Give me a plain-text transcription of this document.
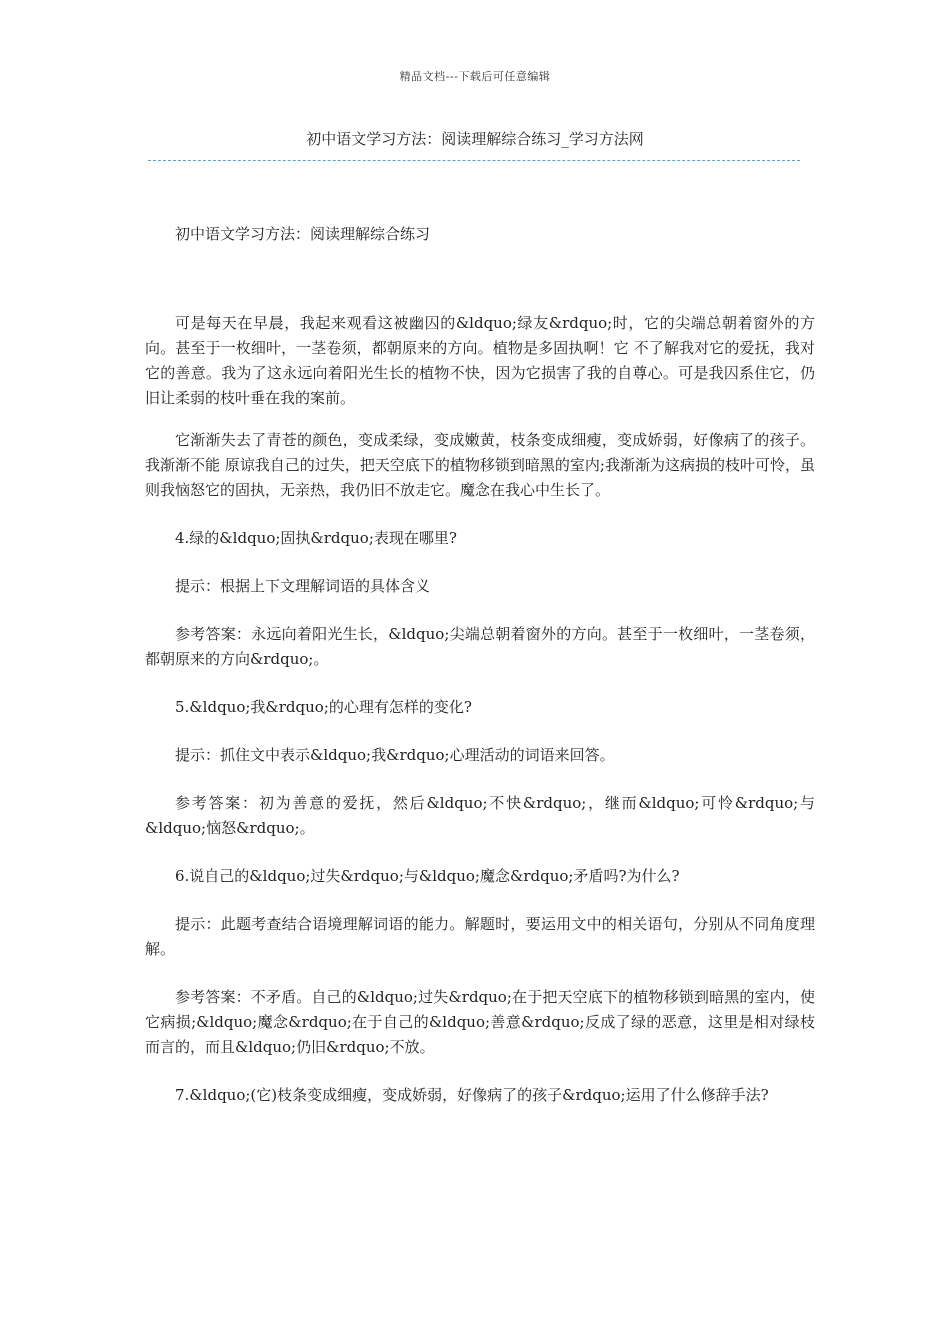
精品文档---下载后可任意编辑
初中语文学习方法：阅读理解综合练习_学习方法网

初中语文学习方法：阅读理解综合练习

可是每天在早晨，我起来观看这被幽囚的&ldquo;绿友&rdquo;时，它的尖端总朝着窗外的方向。甚至于一枚细叶，一茎卷须，都朝原来的方向。植物是多固执啊！它 不了解我对它的爱抚，我对它的善意。我为了这永远向着阳光生长的植物不快，因为它损害了我的自尊心。可是我囚系住它，仍旧让柔弱的枝叶垂在我的案前。

它渐渐失去了青苍的颜色，变成柔绿，变成嫩黄，枝条变成细瘦，变成娇弱，好像病了的孩子。我渐渐不能 原谅我自己的过失，把天空底下的植物移锁到暗黑的室内;我渐渐为这病损的枝叶可怜，虽则我恼怒它的固执，无亲热，我仍旧不放走它。魔念在我心中生长了。

4.绿的&ldquo;固执&rdquo;表现在哪里?

提示：根据上下文理解词语的具体含义

参考答案：永远向着阳光生长，&ldquo;尖端总朝着窗外的方向。甚至于一枚细叶，一茎卷须，都朝原来的方向&rdquo;。

5.&ldquo;我&rdquo;的心理有怎样的变化?

提示：抓住文中表示&ldquo;我&rdquo;心理活动的词语来回答。

参考答案：初为善意的爱抚，然后&ldquo;不快&rdquo;，继而&ldquo;可怜&rdquo;与&ldquo;恼怒&rdquo;。

6.说自己的&ldquo;过失&rdquo;与&ldquo;魔念&rdquo;矛盾吗?为什么?

提示：此题考查结合语境理解词语的能力。解题时，要运用文中的相关语句，分别从不同角度理解。

参考答案：不矛盾。自己的&ldquo;过失&rdquo;在于把天空底下的植物移锁到暗黑的室内，使它病损;&ldquo;魔念&rdquo;在于自己的&ldquo;善意&rdquo;反成了绿的恶意，这里是相对绿枝而言的，而且&ldquo;仍旧&rdquo;不放。

7.&ldquo;(它)枝条变成细瘦，变成娇弱，好像病了的孩子&rdquo;运用了什么修辞手法?
